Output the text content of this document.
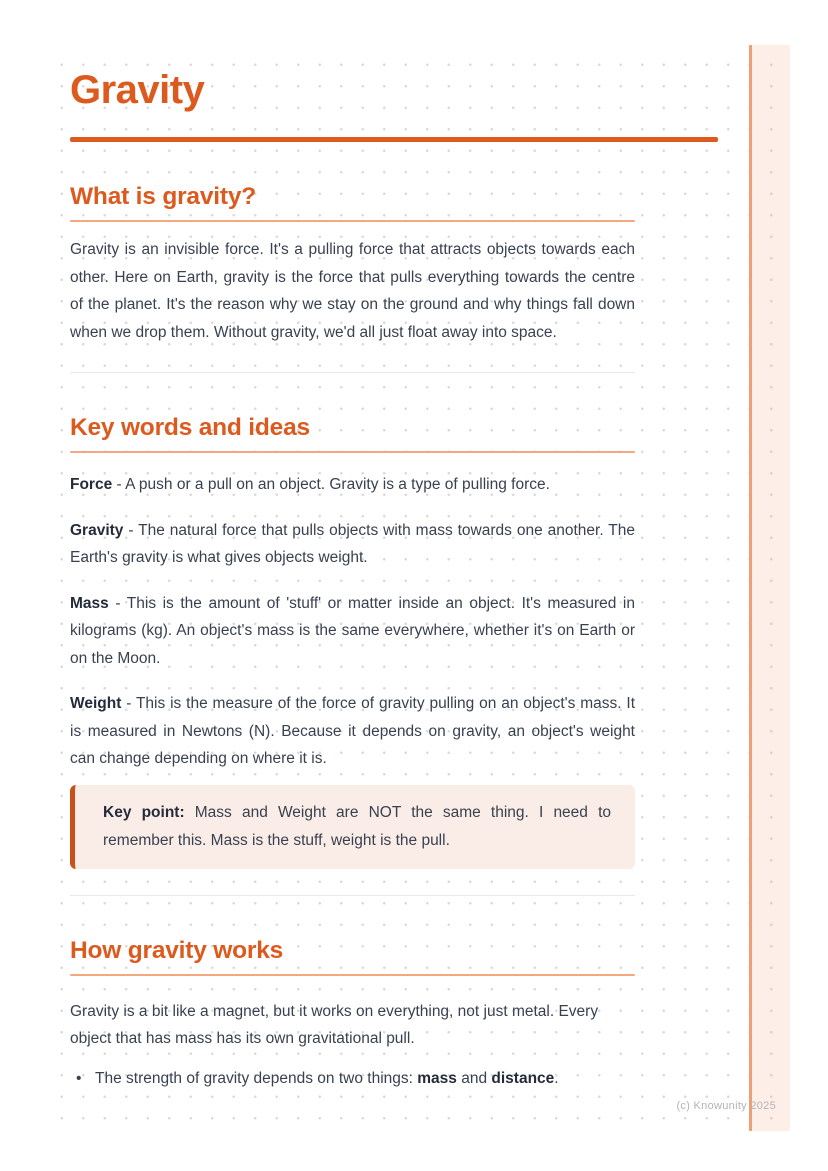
Gravity
What is gravity?

Gravity is an invisible force. It's a pulling force that attracts objects towards each other. Here on Earth, gravity is the force that pulls everything towards the centre of the planet. It's the reason why we stay on the ground and why things fall down when we drop them. Without gravity, we'd all just float away into space.

Key words and ideas

Force - A push or a pull on an object. Gravity is a type of pulling force.

Gravity - The natural force that pulls objects with mass towards one another. The Earth's gravity is what gives objects weight.

Mass - This is the amount of 'stuff' or matter inside an object. It's measured in kilograms (kg). An object's mass is the same everywhere, whether it's on Earth or on the Moon.

Weight - This is the measure of the force of gravity pulling on an object's mass. It is measured in Newtons (N). Because it depends on gravity, an object's weight can change depending on where it is.

Key point: Mass and Weight are NOT the same thing. I need to remember this. Mass is the stuff, weight is the pull.
How gravity works

Gravity is a bit like a magnet, but it works on everything, not just metal. Every object that has mass has its own gravitational pull.

• The strength of gravity depends on two things: mass and distance.
(c) Knowunity 2025
